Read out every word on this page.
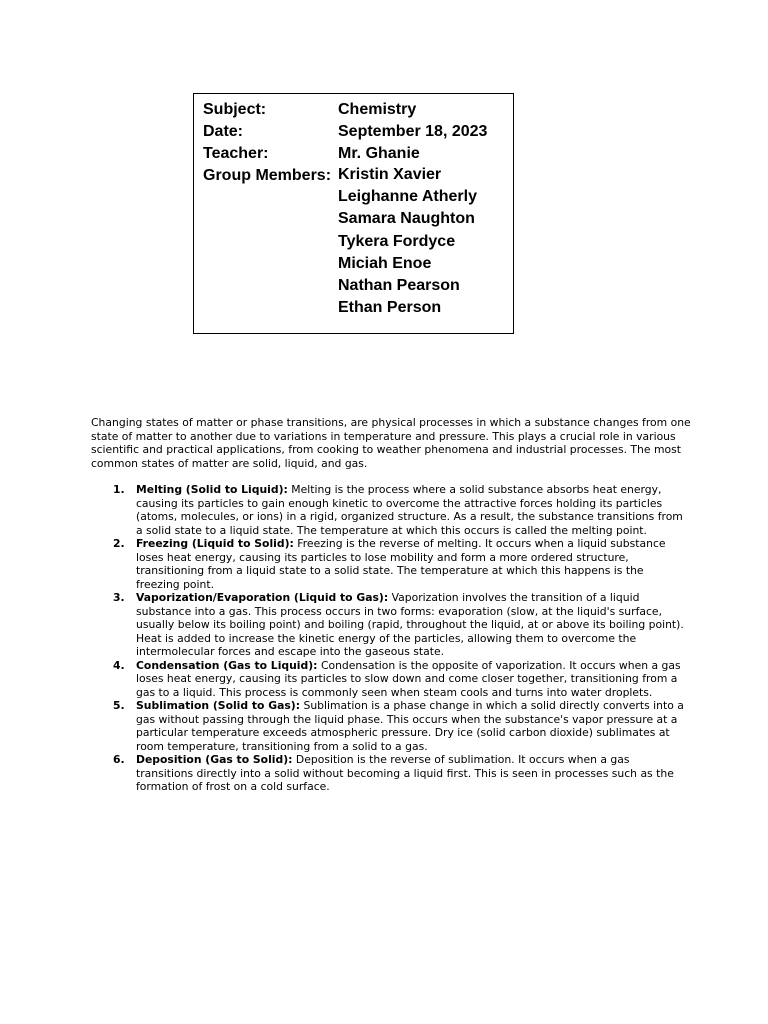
Subject:	Chemistry
Date:	September 18, 2023
Teacher:	Mr. Ghanie
Group Members: Kristin Xavier
Leighanne Atherly
Samara Naughton
Tykera Fordyce
Miciah Enoe
Nathan Pearson
Ethan Person

Changing states of matter or phase transitions, are physical processes in which a substance changes from one state of matter to another due to variations in temperature and pressure. This plays a crucial role in various scientific and practical applications, from cooking to weather phenomena and industrial processes. The most common states of matter are solid, liquid, and gas.

1. Melting (Solid to Liquid): Melting is the process where a solid substance absorbs heat energy, causing its particles to gain enough kinetic to overcome the attractive forces holding its particles (atoms, molecules, or ions) in a rigid, organized structure. As a result, the substance transitions from a solid state to a liquid state. The temperature at which this occurs is called the melting point.
2. Freezing (Liquid to Solid): Freezing is the reverse of melting. It occurs when a liquid substance loses heat energy, causing its particles to lose mobility and form a more ordered structure, transitioning from a liquid state to a solid state. The temperature at which this happens is the freezing point.
3. Vaporization/Evaporation (Liquid to Gas): Vaporization involves the transition of a liquid substance into a gas. This process occurs in two forms: evaporation (slow, at the liquid's surface, usually below its boiling point) and boiling (rapid, throughout the liquid, at or above its boiling point). Heat is added to increase the kinetic energy of the particles, allowing them to overcome the intermolecular forces and escape into the gaseous state.
4. Condensation (Gas to Liquid): Condensation is the opposite of vaporization. It occurs when a gas loses heat energy, causing its particles to slow down and come closer together, transitioning from a gas to a liquid. This process is commonly seen when steam cools and turns into water droplets.
5. Sublimation (Solid to Gas): Sublimation is a phase change in which a solid directly converts into a gas without passing through the liquid phase. This occurs when the substance's vapor pressure at a particular temperature exceeds atmospheric pressure. Dry ice (solid carbon dioxide) sublimates at room temperature, transitioning from a solid to a gas.
6. Deposition (Gas to Solid): Deposition is the reverse of sublimation. It occurs when a gas transitions directly into a solid without becoming a liquid first. This is seen in processes such as the formation of frost on a cold surface.
